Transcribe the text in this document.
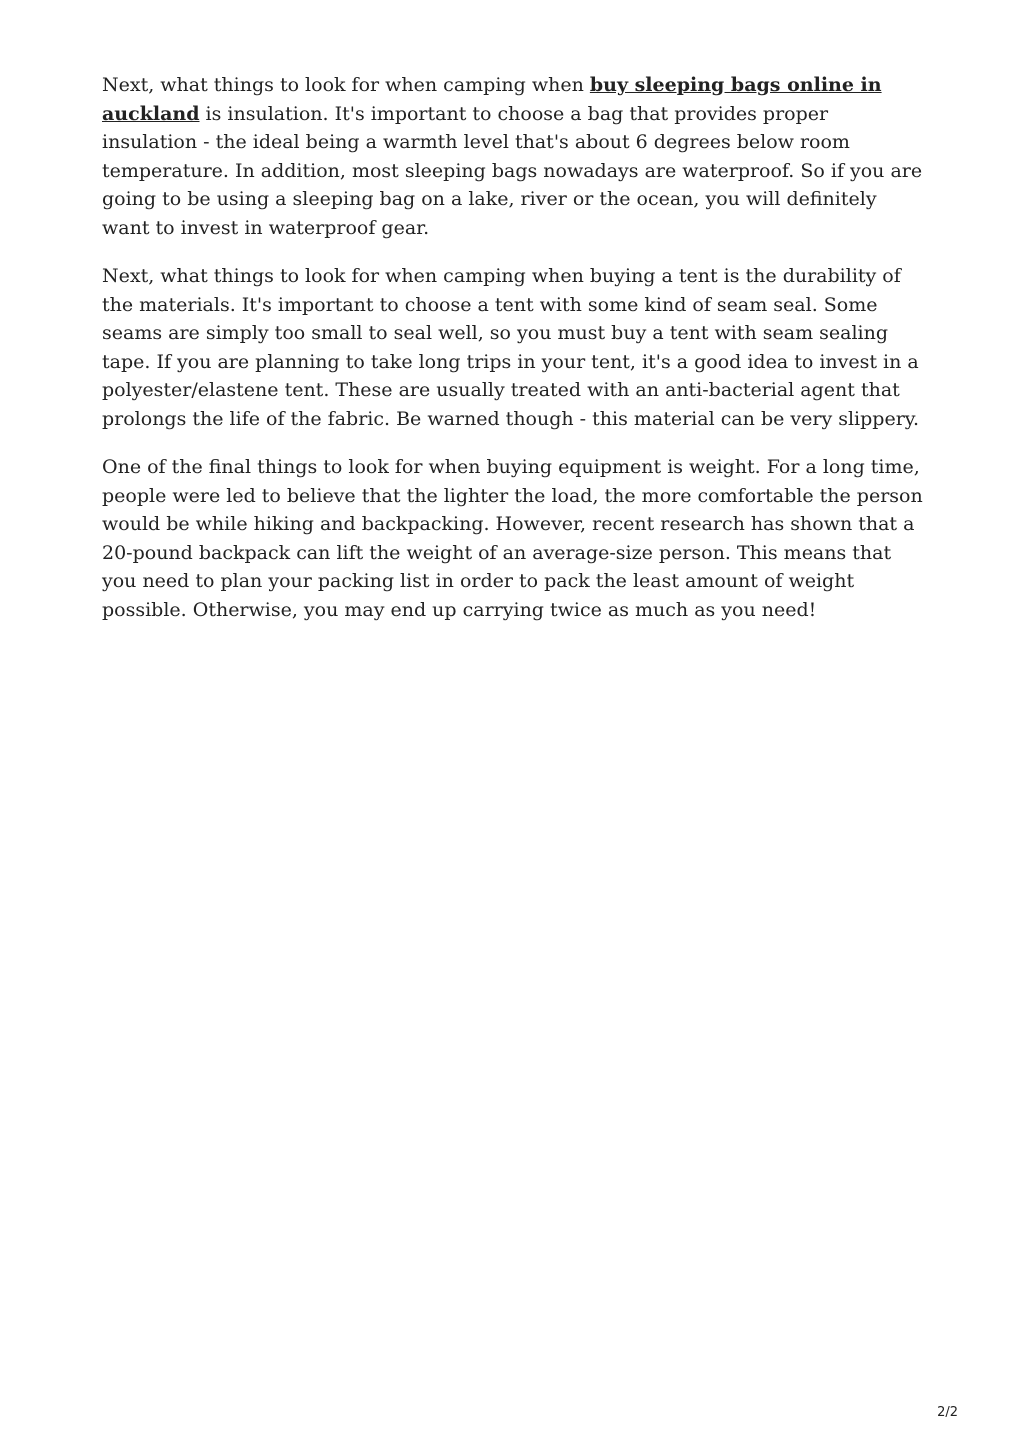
Next, what things to look for when camping when buy sleeping bags online in auckland is insulation. It's important to choose a bag that provides proper insulation - the ideal being a warmth level that's about 6 degrees below room temperature. In addition, most sleeping bags nowadays are waterproof. So if you are going to be using a sleeping bag on a lake, river or the ocean, you will definitely want to invest in waterproof gear.

Next, what things to look for when camping when buying a tent is the durability of the materials. It's important to choose a tent with some kind of seam seal. Some seams are simply too small to seal well, so you must buy a tent with seam sealing tape. If you are planning to take long trips in your tent, it's a good idea to invest in a polyester/elastene tent. These are usually treated with an anti-bacterial agent that prolongs the life of the fabric. Be warned though - this material can be very slippery.

One of the final things to look for when buying equipment is weight. For a long time, people were led to believe that the lighter the load, the more comfortable the person would be while hiking and backpacking. However, recent research has shown that a 20-pound backpack can lift the weight of an average-size person. This means that you need to plan your packing list in order to pack the least amount of weight possible. Otherwise, you may end up carrying twice as much as you need!

2/2
